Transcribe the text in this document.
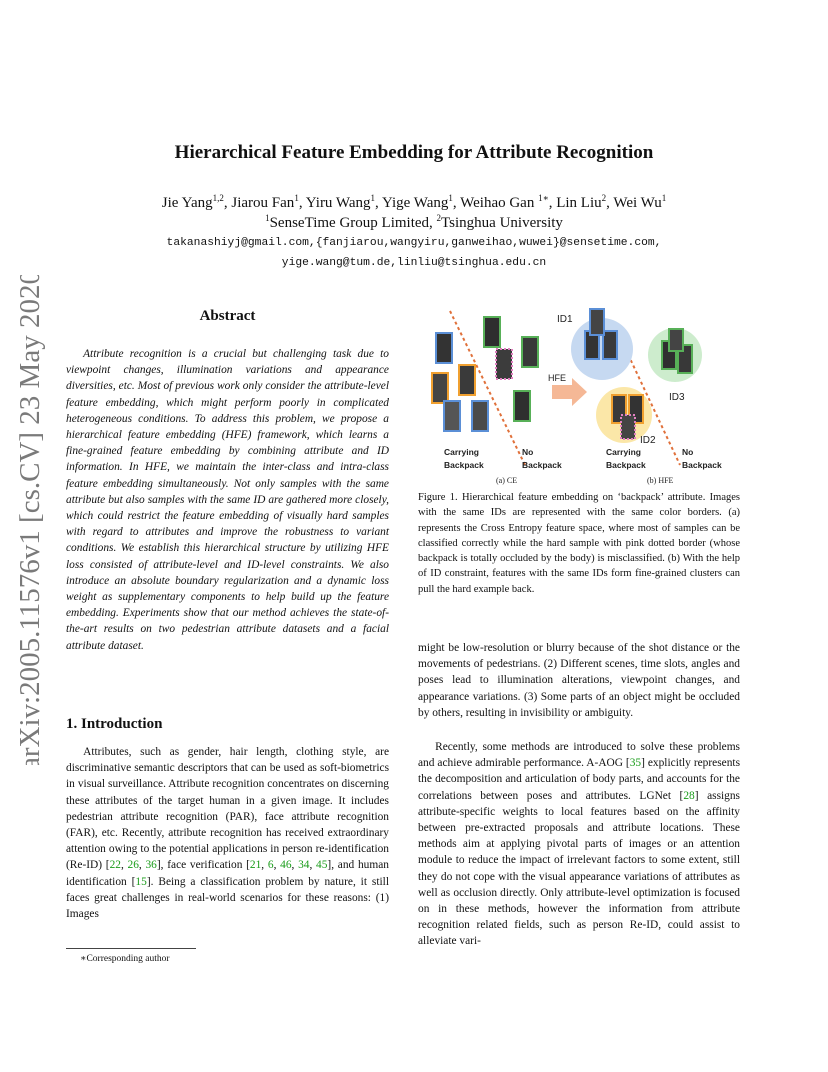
arXiv:2005.11576v1 [cs.CV] 23 May 2020
Hierarchical Feature Embedding for Attribute Recognition
Jie Yang$^{1,2}$, Jiarou Fan$^1$, Yiru Wang$^1$, Yige Wang$^1$, Weihao Gan $^{1∗}$, Lin Liu$^2$, Wei Wu$^1$
$^1$SenseTime Group Limited, $^2$Tsinghua University
takanashiyj@gmail.com,{fanjiarou,wangyiru,ganweihao,wuwei}@sensetime.com,
yige.wang@tum.de,linliu@tsinghua.edu.cn
Abstract
Attribute recognition is a crucial but challenging task due to viewpoint changes, illumination variations and appearance diversities, etc. Most of previous work only consider the attribute-level feature embedding, which might perform poorly in complicated heterogeneous conditions. To address this problem, we propose a hierarchical feature embedding (HFE) framework, which learns a fine-grained feature embedding by combining attribute and ID information. In HFE, we maintain the inter-class and intra-class feature embedding simultaneously. Not only samples with the same attribute but also samples with the same ID are gathered more closely, which could restrict the feature embedding of visually hard samples with regard to attributes and improve the robustness to variant conditions. We establish this hierarchical structure by utilizing HFE loss consisted of attribute-level and ID-level constraints. We also introduce an absolute boundary regularization and a dynamic loss weight as supplementary components to help build up the feature embedding. Experiments show that our method achieves the state-of-the-art results on two pedestrian attribute datasets and a facial attribute dataset.
1. Introduction
Attributes, such as gender, hair length, clothing style, are discriminative semantic descriptors that can be used as soft-biometrics in visual surveillance. Attribute recognition concentrates on discerning these attributes of the target human in a given image. It includes pedestrian attribute recognition (PAR), face attribute recognition (FAR), etc. Recently, attribute recognition has received extraordinary attention owing to the potential applications in person re-identification (Re-ID) [22, 26, 36], face verification [21, 6, 46, 34, 45], and human identification [15]. Being a classification problem by nature, it still faces great challenges in real-world scenarios for these reasons: (1) Images
∗Corresponding author
HFE
ID1
ID2
ID3
Carrying
Backpack
No
Backpack
Carrying
Backpack
No
Backpack
(a) CE	(b) HFE
Figure 1. Hierarchical feature embedding on ‘backpack’ attribute. Images with the same IDs are represented with the same color borders. (a) represents the Cross Entropy feature space, where most of samples can be classified correctly while the hard sample with pink dotted border (whose backpack is totally occluded by the body) is misclassified. (b) With the help of ID constraint, features with the same IDs form fine-grained clusters can pull the hard example back.
might be low-resolution or blurry because of the shot distance or the movements of pedestrians. (2) Different scenes, time slots, angles and poses lead to illumination alterations, viewpoint changes, and appearance variations. (3) Some parts of an object might be occluded by others, resulting in invisibility or ambiguity.
Recently, some methods are introduced to solve these problems and achieve admirable performance. A-AOG [35] explicitly represents the decomposition and articulation of body parts, and accounts for the correlations between poses and attributes. LGNet [28] assigns attribute-specific weights to local features based on the affinity between pre-extracted proposals and attribute locations. These methods aim at applying pivotal parts of images or an attention module to reduce the impact of irrelevant factors to some extent, still they do not cope with the visual appearance variations of attributes as well as occlusion directly. Only attribute-level optimization is focused on in these methods, however the information from attribute recognition related fields, such as person Re-ID, could assist to alleviate vari-
